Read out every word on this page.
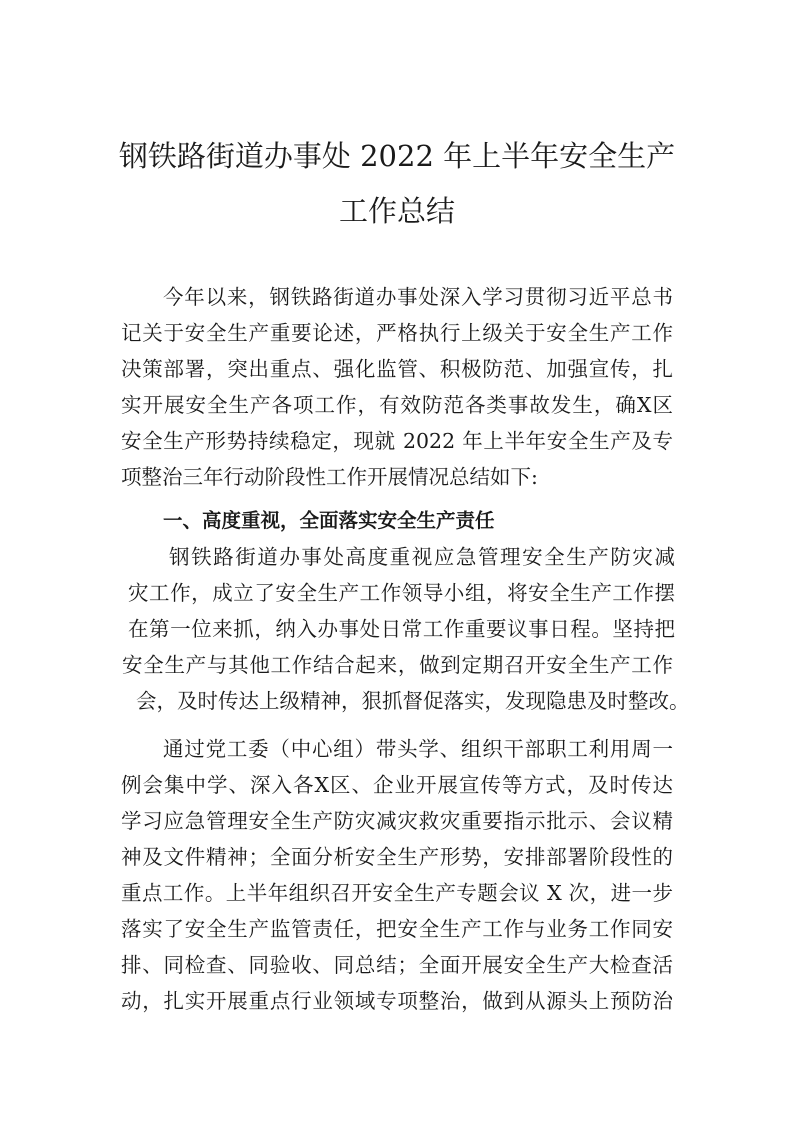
钢铁路街道办事处 2022 年上半年安全生产
工作总结
今年以来，钢铁路街道办事处深入学习贯彻习近平总书
记关于安全生产重要论述，严格执行上级关于安全生产工作
决策部署，突出重点、强化监管、积极防范、加强宣传，扎
实开展安全生产各项工作，有效防范各类事故发生，确X区
安全生产形势持续稳定，现就 2022 年上半年安全生产及专
项整治三年行动阶段性工作开展情况总结如下:
一、高度重视，全面落实安全生产责任
钢铁路街道办事处高度重视应急管理安全生产防灾减
灾工作，成立了安全生产工作领导小组，将安全生产工作摆
在第一位来抓，纳入办事处日常工作重要议事日程。坚持把
安全生产与其他工作结合起来，做到定期召开安全生产工作
会，及时传达上级精神，狠抓督促落实，发现隐患及时整改。
通过党工委（中心组）带头学、组织干部职工利用周一
例会集中学、深入各X区、企业开展宣传等方式，及时传达
学习应急管理安全生产防灾减灾救灾重要指示批示、会议精
神及文件精神；全面分析安全生产形势，安排部署阶段性的
重点工作。上半年组织召开安全生产专题会议 X 次，进一步
落实了安全生产监管责任，把安全生产工作与业务工作同安
排、同检查、同验收、同总结；全面开展安全生产大检查活
动，扎实开展重点行业领域专项整治，做到从源头上预防治
